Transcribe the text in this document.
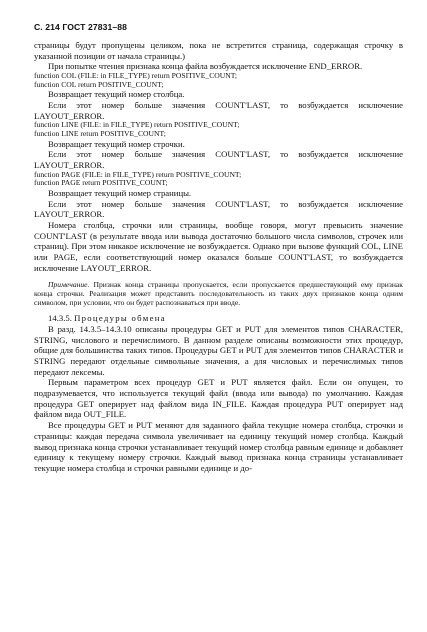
С. 214 ГОСТ 27831–88

страницы будут пропущены целиком, пока не встретится страница, содержащая строчку в указанной позиции от начала страницы.)

При попытке чтения признака конца файла возбуждается исключение END_ERROR.

function COL (FILE: in FILE_TYPE) return POSITIVE_COUNT;

function COL return POSITIVE_COUNT;

Возвращает текущий номер столбца.

Если этот номер больше значения COUNT'LAST, то возбуждается исключение LAYOUT_ERROR.

function LINE (FILE: in FILE_TYPE) return POSITIVE_COUNT;

function LINE return POSITIVE_COUNT;

Возвращает текущий номер строчки.

Если этот номер больше значения COUNT'LAST, то возбуждается исключение LAYOUT_ERROR.

function PAGE (FILE: in FILE_TYPE) return POSITIVE_COUNT;

function PAGE return POSITIVE_COUNT;

Возвращает текущий номер страницы.

Если этот номер больше значения COUNT'LAST, то возбуждается исключение LAYOUT_ERROR.

Номера столбца, строчки или страницы, вообще говоря, могут превысить значение COUNT'LAST (в результате ввода или вывода достаточно большого числа символов, строчек или страниц). При этом никакое исключение не возбуждается. Однако при вызове функций COL, LINE или PAGE, если соответствующий номер оказался больше COUNT'LAST, то возбуждается исключение LAYOUT_ERROR.

Примечание. Признак конца страницы пропускается, если пропускается предшествующий ему признак конца строчки. Реализация может представить последовательность из таких двух признаков конца одним символом, при условии, что он будет распознаваться при вводе.

14.3.5. Процедуры обмена

В разд. 14.3.5–14.3.10 описаны процедуры GET и PUT для элементов типов CHARACTER, STRING, числового и перечислимого. В данном разделе описаны возможности этих процедур, общие для большинства таких типов. Процедуры GET и PUT для элементов типов CHARACTER и STRING передают отдельные символьные значения, а для числовых и перечислимых типов передают лексемы.

Первым параметром всех процедур GET и PUT является файл. Если он опущен, то подразумевается, что используется текущий файл (ввода или вывода) по умолчанию. Каждая процедура GET оперирует над файлом вида IN_FILE. Каждая процедура PUT оперирует над файлом вида OUT_FILE.

Все процедуры GET и PUT меняют для заданного файла текущие номера столбца, строчки и страницы: каждая передача символа увеличивает на единицу текущий номер столбца. Каждый вывод признака конца строчки устанавливает текущий номер столбца равным единице и добавляет единицу к текущему номеру строчки. Каждый вывод признака конца страницы устанавливает текущие номера столбца и строчки равными единице и до-
